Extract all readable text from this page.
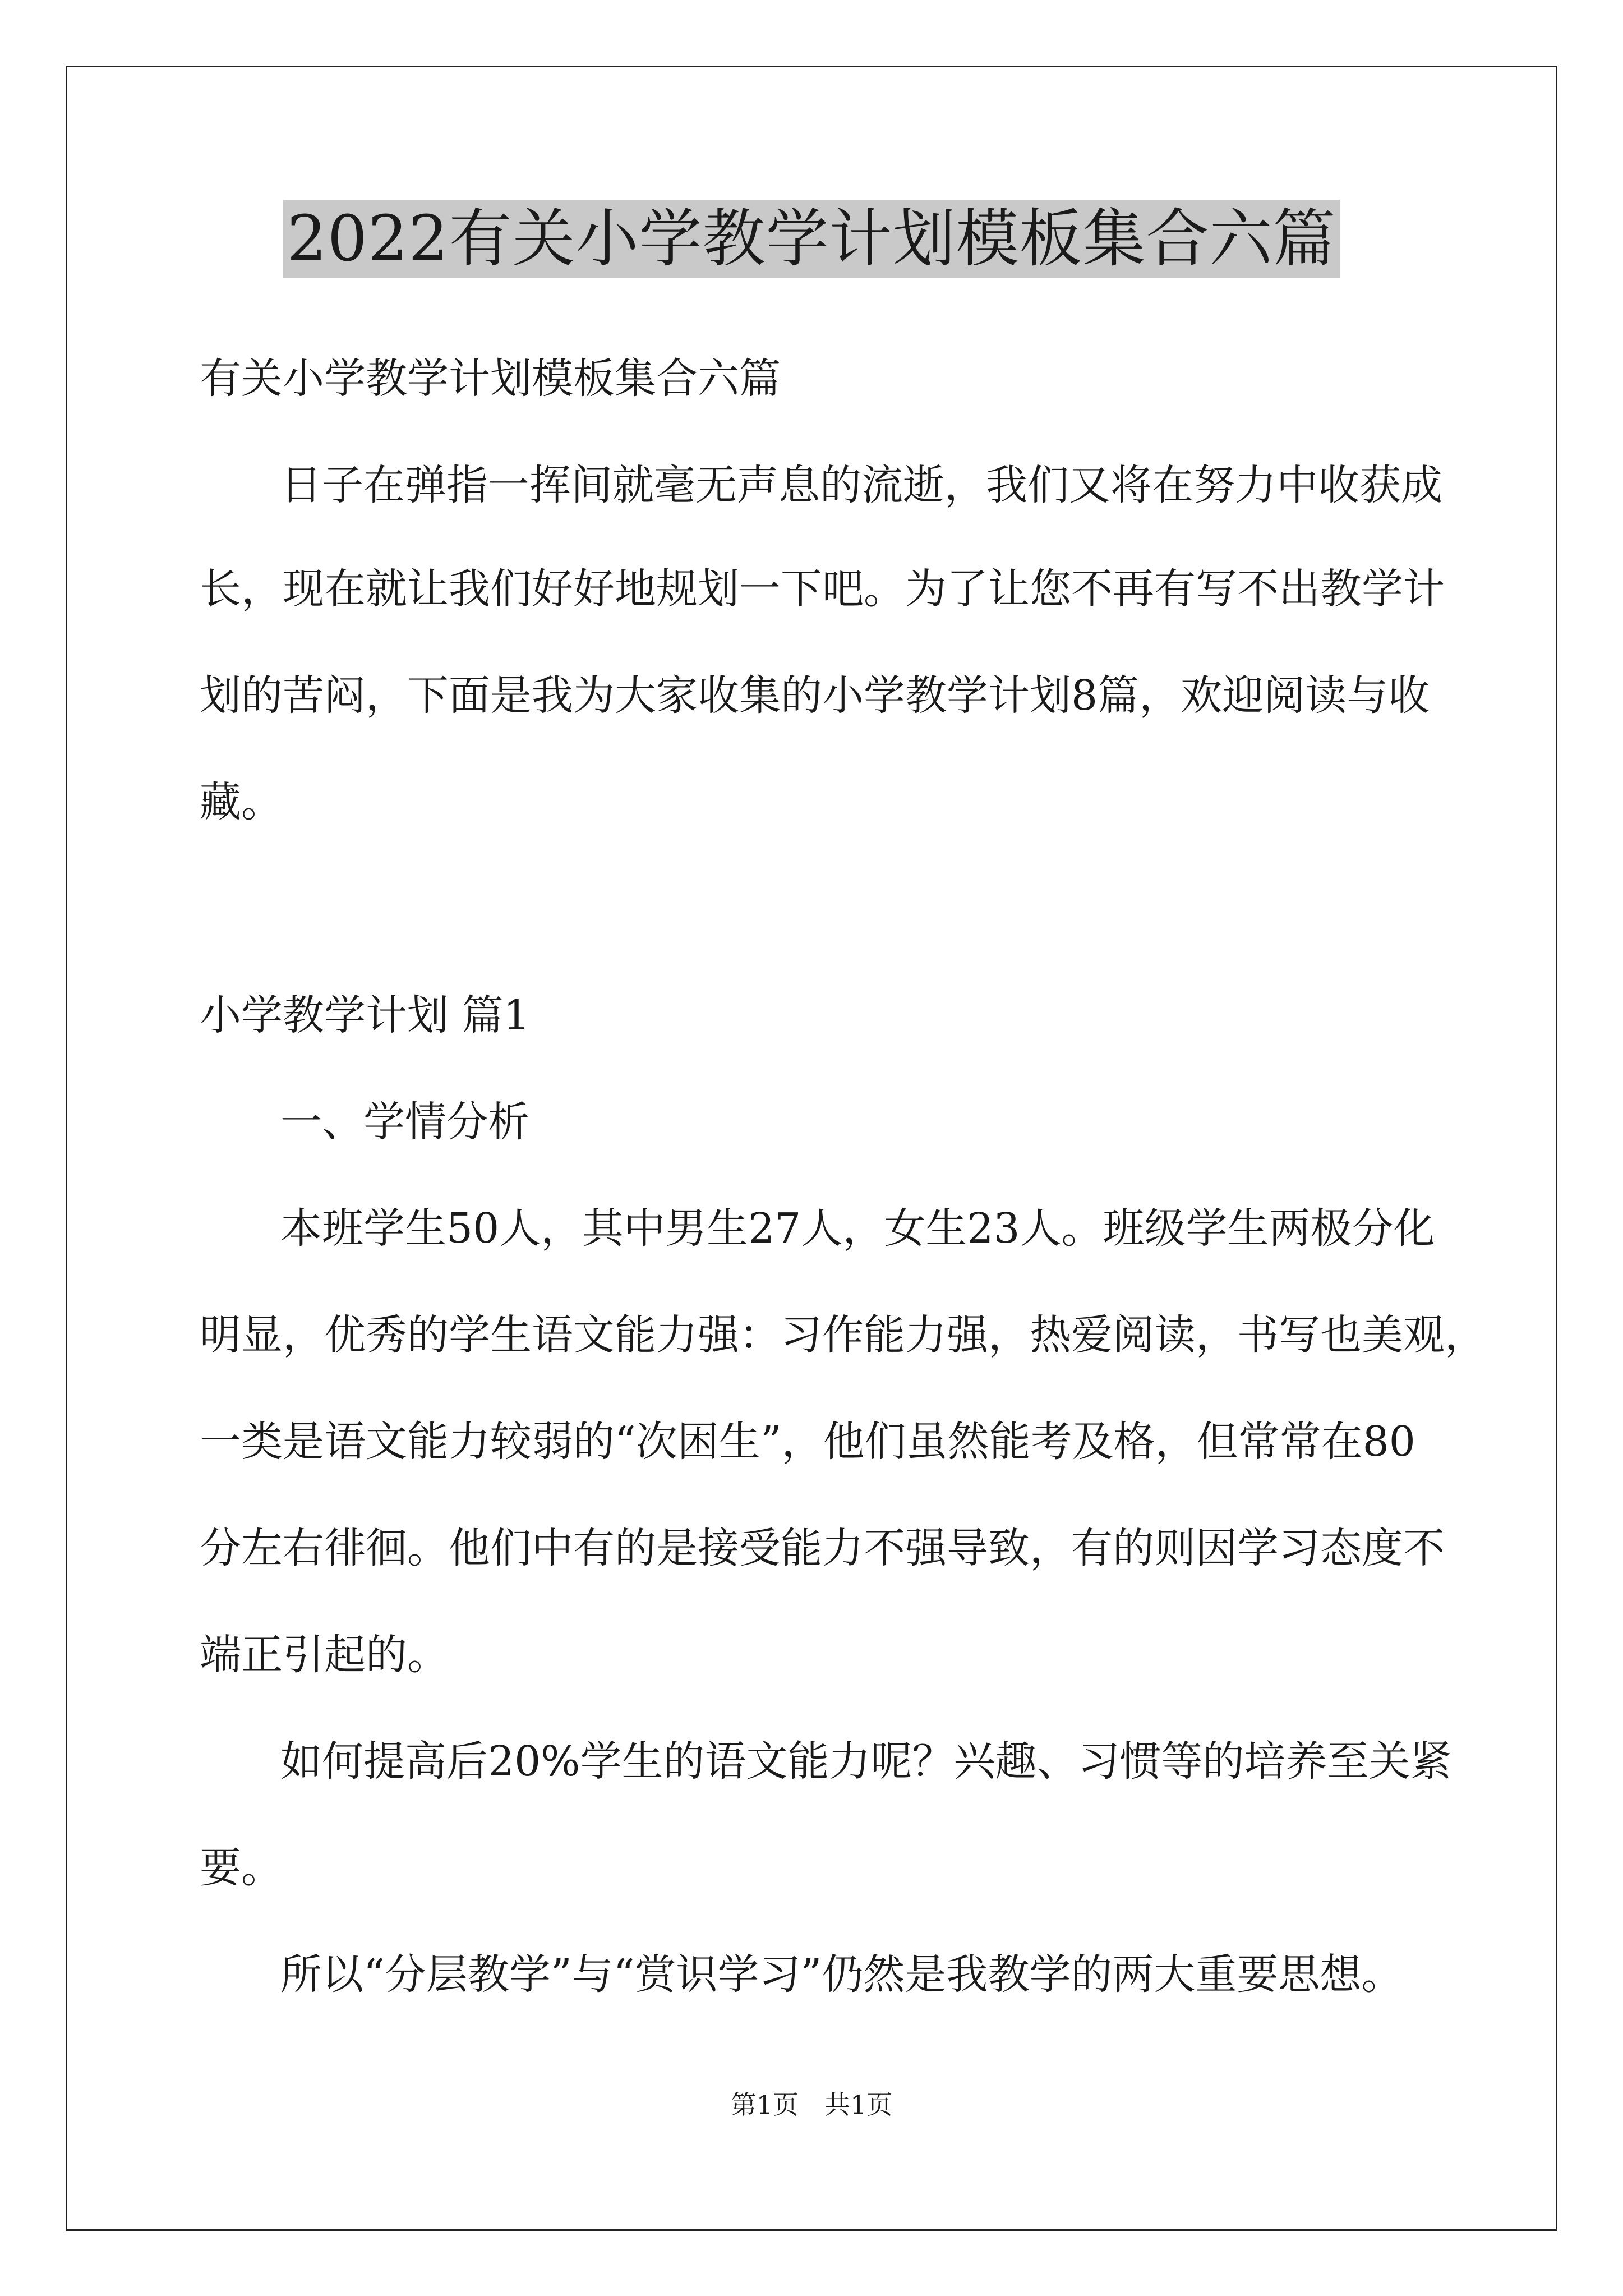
2022有关小学教学计划模板集合六篇
有关小学教学计划模板集合六篇
日子在弹指一挥间就毫无声息的流逝，我们又将在努力中收获成
长，现在就让我们好好地规划一下吧。为了让您不再有写不出教学计
划的苦闷，下面是我为大家收集的小学教学计划8篇，欢迎阅读与收
藏。
小学教学计划 篇1
一、学情分析
本班学生50人，其中男生27人，女生23人。班级学生两极分化
明显，优秀的学生语文能力强：习作能力强，热爱阅读，书写也美观，
一类是语文能力较弱的“次困生”，他们虽然能考及格，但常常在80
分左右徘徊。他们中有的是接受能力不强导致，有的则因学习态度不
端正引起的。
如何提高后20%学生的语文能力呢？兴趣、习惯等的培养至关紧
要。
所以“分层教学”与“赏识学习”仍然是我教学的两大重要思想。
第1页　共1页
